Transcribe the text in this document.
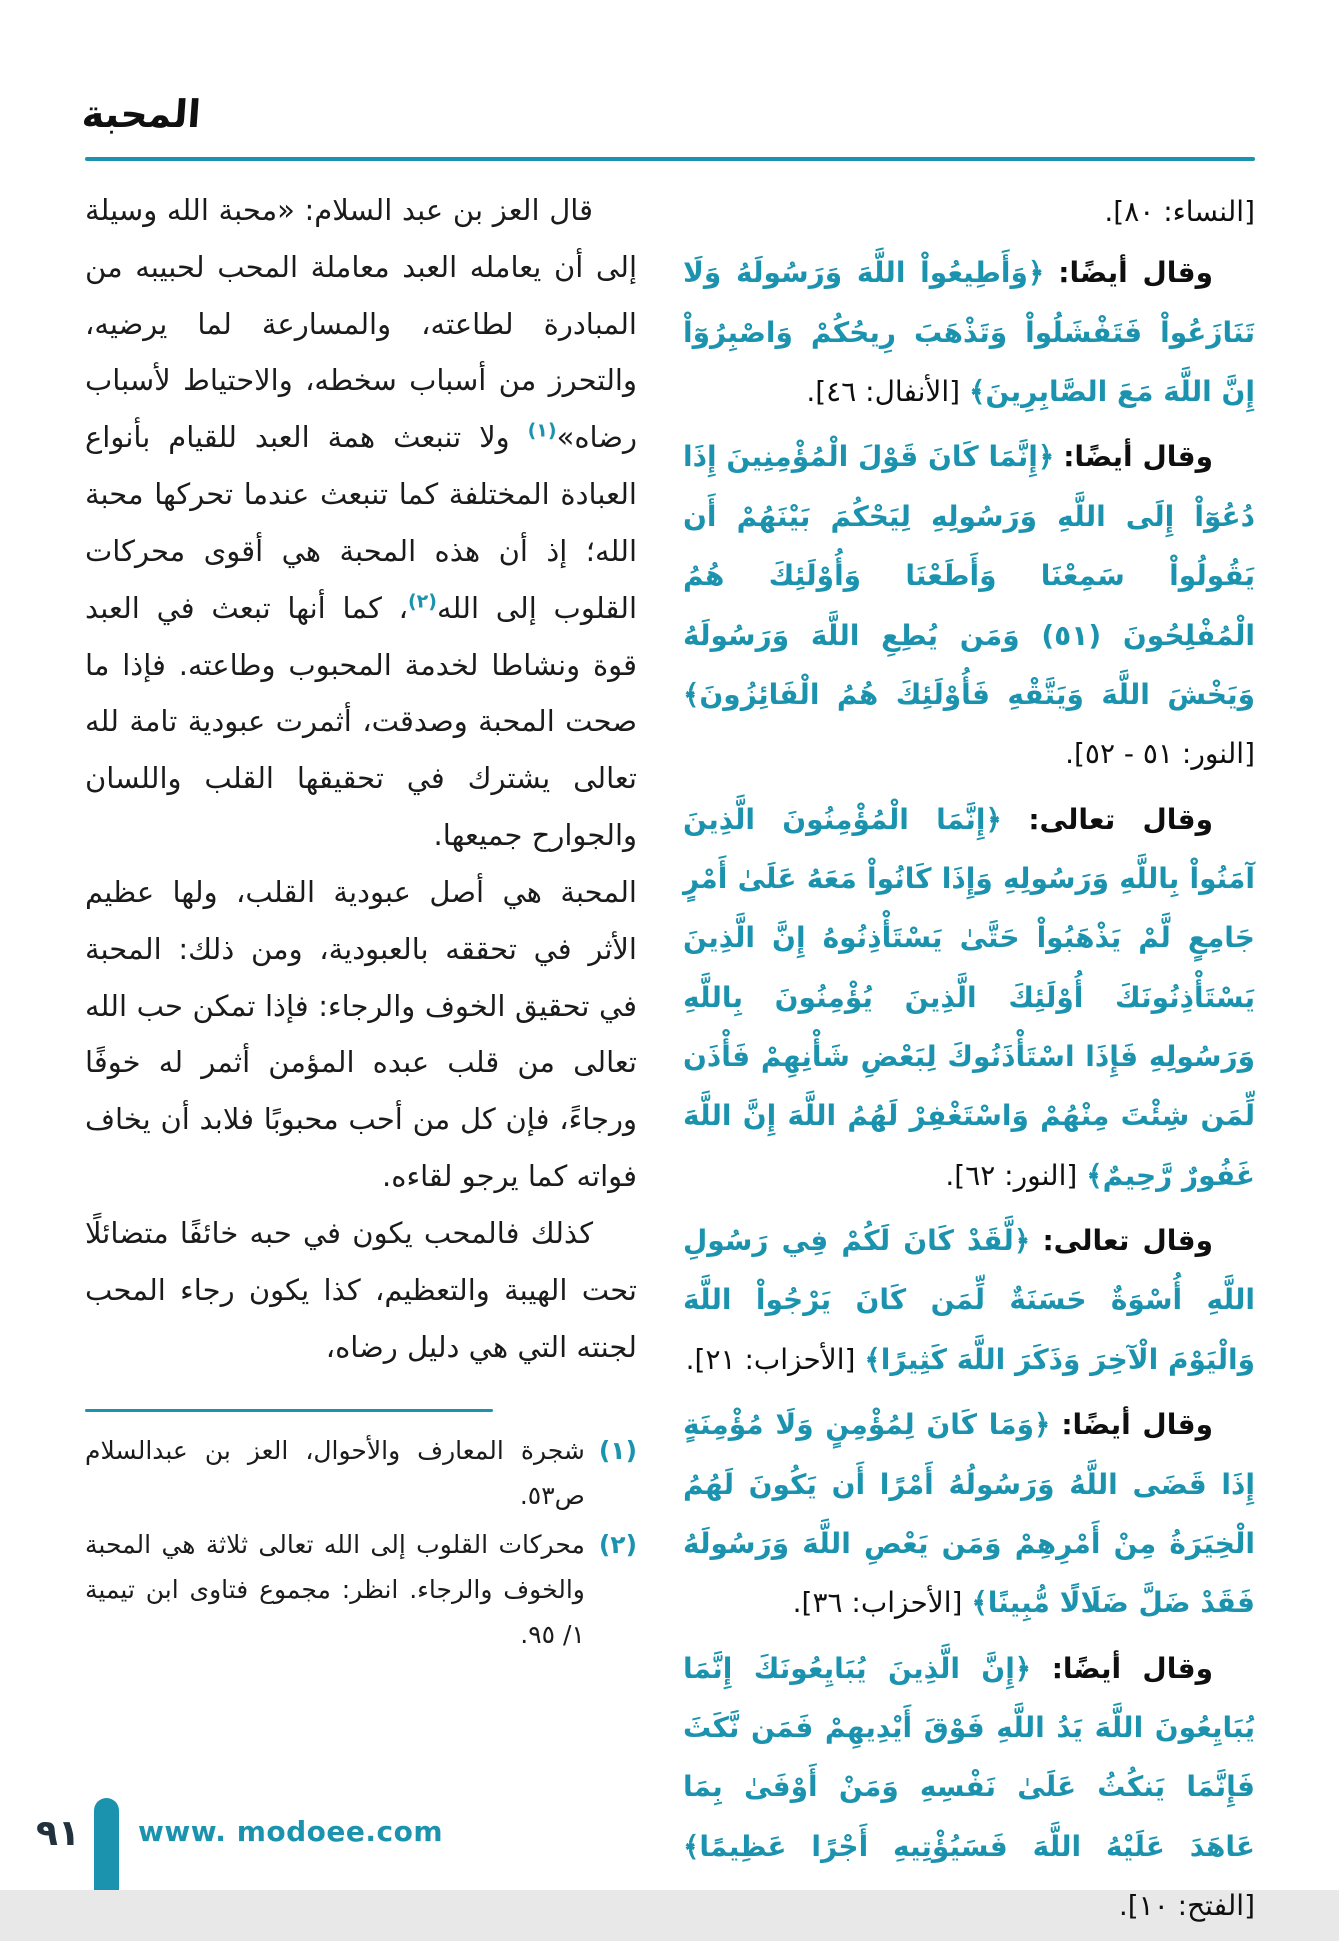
المحبة

[النساء: ٨٠].

وقال أيضًا: ﴿وَأَطِيعُواْ اللَّهَ وَرَسُولَهُ وَلَا تَنَازَعُواْ فَتَفْشَلُواْ وَتَذْهَبَ رِيحُكُمْ وَاصْبِرُوٓاْ إِنَّ اللَّهَ مَعَ الصَّابِرِينَ﴾ [الأنفال: ٤٦].

وقال أيضًا: ﴿إِنَّمَا كَانَ قَوْلَ الْمُؤْمِنِينَ إِذَا دُعُوٓاْ إِلَى اللَّهِ وَرَسُولِهِ لِيَحْكُمَ بَيْنَهُمْ أَن يَقُولُواْ سَمِعْنَا وَأَطَعْنَا وَأُوْلَئِكَ هُمُ الْمُفْلِحُونَ (٥١) وَمَن يُطِعِ اللَّهَ وَرَسُولَهُ وَيَخْشَ اللَّهَ وَيَتَّقْهِ فَأُوْلَئِكَ هُمُ الْفَائِزُونَ﴾ [النور: ٥١ - ٥٢].

وقال تعالى: ﴿إِنَّمَا الْمُؤْمِنُونَ الَّذِينَ آمَنُواْ بِاللَّهِ وَرَسُولِهِ وَإِذَا كَانُواْ مَعَهُ عَلَىٰ أَمْرٍ جَامِعٍ لَّمْ يَذْهَبُواْ حَتَّىٰ يَسْتَأْذِنُوهُ إِنَّ الَّذِينَ يَسْتَأْذِنُونَكَ أُوْلَئِكَ الَّذِينَ يُؤْمِنُونَ بِاللَّهِ وَرَسُولِهِ فَإِذَا اسْتَأْذَنُوكَ لِبَعْضِ شَأْنِهِمْ فَأْذَن لِّمَن شِئْتَ مِنْهُمْ وَاسْتَغْفِرْ لَهُمُ اللَّهَ إِنَّ اللَّهَ غَفُورٌ رَّحِيمٌ﴾ [النور: ٦٢].

وقال تعالى: ﴿لَّقَدْ كَانَ لَكُمْ فِي رَسُولِ اللَّهِ أُسْوَةٌ حَسَنَةٌ لِّمَن كَانَ يَرْجُواْ اللَّهَ وَالْيَوْمَ الْآخِرَ وَذَكَرَ اللَّهَ كَثِيرًا﴾ [الأحزاب: ٢١].

وقال أيضًا: ﴿وَمَا كَانَ لِمُؤْمِنٍ وَلَا مُؤْمِنَةٍ إِذَا قَضَى اللَّهُ وَرَسُولُهُ أَمْرًا أَن يَكُونَ لَهُمُ الْخِيَرَةُ مِنْ أَمْرِهِمْ وَمَن يَعْصِ اللَّهَ وَرَسُولَهُ فَقَدْ ضَلَّ ضَلَالًا مُّبِينًا﴾ [الأحزاب: ٣٦].

وقال أيضًا: ﴿إِنَّ الَّذِينَ يُبَايِعُونَكَ إِنَّمَا يُبَايِعُونَ اللَّهَ يَدُ اللَّهِ فَوْقَ أَيْدِيهِمْ فَمَن نَّكَثَ فَإِنَّمَا يَنكُثُ عَلَىٰ نَفْسِهِ وَمَنْ أَوْفَىٰ بِمَا عَاهَدَ عَلَيْهُ اللَّهَ فَسَيُؤْتِيهِ أَجْرًا عَظِيمًا﴾ [الفتح: ١٠].

قال العز بن عبد السلام: «محبة الله وسيلة إلى أن يعامله العبد معاملة المحب لحبيبه من المبادرة لطاعته، والمسارعة لما يرضيه، والتحرز من أسباب سخطه، والاحتياط لأسباب رضاه»$^{(١)}$ ولا تنبعث همة العبد للقيام بأنواع العبادة المختلفة كما تنبعث عندما تحركها محبة الله؛ إذ أن هذه المحبة هي أقوى محركات القلوب إلى الله$^{(٢)}$، كما أنها تبعث في العبد قوة ونشاطا لخدمة المحبوب وطاعته. فإذا ما صحت المحبة وصدقت، أثمرت عبودية تامة لله تعالى يشترك في تحقيقها القلب واللسان والجوارح جميعها.

المحبة هي أصل عبودية القلب، ولها عظيم الأثر في تحققه بالعبودية، ومن ذلك: المحبة في تحقيق الخوف والرجاء: فإذا تمكن حب الله تعالى من قلب عبده المؤمن أثمر له خوفًا ورجاءً، فإن كل من أحب محبوبًا فلابد أن يخاف فواته كما يرجو لقاءه.

كذلك فالمحب يكون في حبه خائفًا متضائلًا تحت الهيبة والتعظيم، كذا يكون رجاء المحب لجنته التي هي دليل رضاه،

(١)
شجرة المعارف والأحوال، العز بن عبدالسلام ص٥٣.
(٢)
محركات القلوب إلى الله تعالى ثلاثة هي المحبة والخوف والرجاء. انظر: مجموع فتاوى ابن تيمية ١/ ٩٥.
٩١ www. modoee.com
